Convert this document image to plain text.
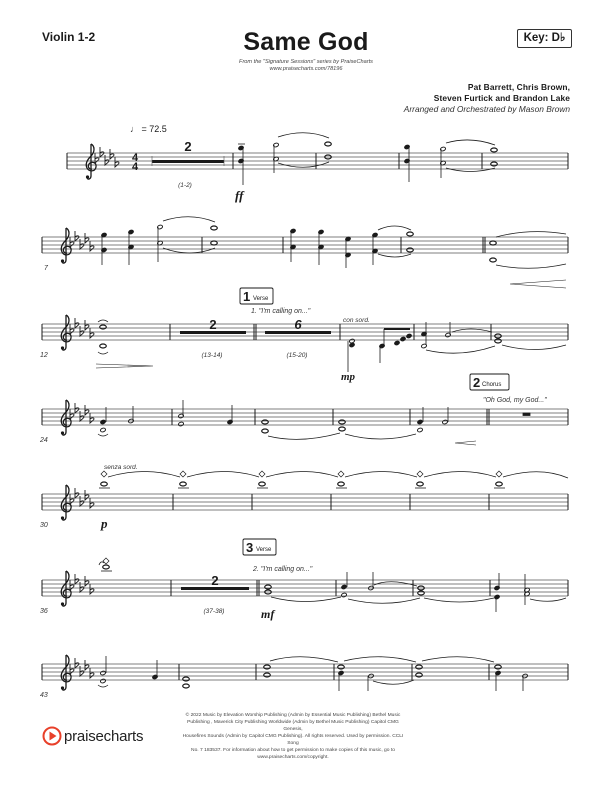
Violin 1-2	Same God
From the "Signature Sessions" series by PraiseCharts
www.praisecharts.com/78196
Key: D♭
Pat Barrett, Chris Brown,
Steven Furtick and Brandon Lake
Arranged and Orchestrated by Mason Brown
4
4
♩ = 72.5
7
12
24
30
36
43
2
(1-2)
2
(13-14)
6
(15-20)
2
(37-38)
ff
mp
p
mf
con sord.
1. "I'm calling on..."
"Oh God, my God..."
senza sord.
2. "I'm calling on..."
1 Verse
2 Chorus
3 Verse
praisecharts
© 2022 Music by Elevation Worship Publishing (Admin by Essential Music Publishing) Bethel Music
Publishing , Maverick City Publishing Worldwide (Admin by Bethel Music Publishing) Capitol CMG Genesis,
Housefires Sounds (Admin by Capitol CMG Publishing). All rights reserved. Used by permission. CCLI Song
No. 7 183537. For information about how to get permission to make copies of this music, go to
www.praisecharts.com/copyright.
